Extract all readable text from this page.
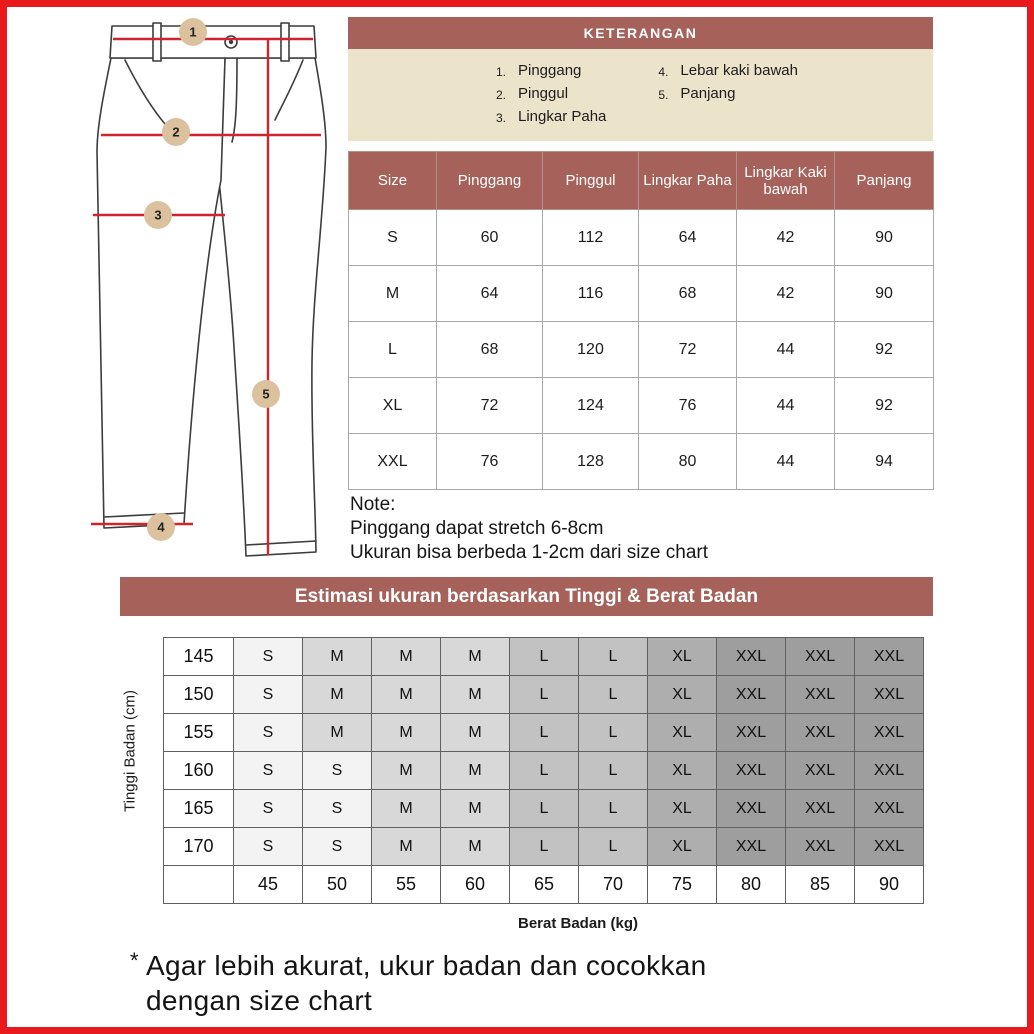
1
2
3
5
4
KETERANGAN
1. Pinggang
2. Pinggul
3. Lingkar Paha
4. Lebar kaki bawah
5. Panjang
Size	Pinggang	Pinggul	Lingkar Paha	Lingkar Kaki bawah	Panjang
S	60	112	64	42	90
M	64	116	68	42	90
L	68	120	72	44	92
XL	72	124	76	44	92
XXL	76	128	80	44	94
Note:
Pinggang dapat stretch 6-8cm
Ukuran bisa berbeda 1-2cm dari size chart
Estimasi ukuran berdasarkan Tinggi & Berat Badan
145	S	M	M	M	L	L	XL	XXL	XXL	XXL
150	S	M	M	M	L	L	XL	XXL	XXL	XXL
155	S	M	M	M	L	L	XL	XXL	XXL	XXL
160	S	S	M	M	L	L	XL	XXL	XXL	XXL
165	S	S	M	M	L	L	XL	XXL	XXL	XXL
170	S	S	M	M	L	L	XL	XXL	XXL	XXL
	45	50	55	60	65	70	75	80	85	90
Tinggi Badan (cm)
Berat Badan (kg)
* Agar lebih akurat, ukur badan dan cocokkan
dengan size chart
